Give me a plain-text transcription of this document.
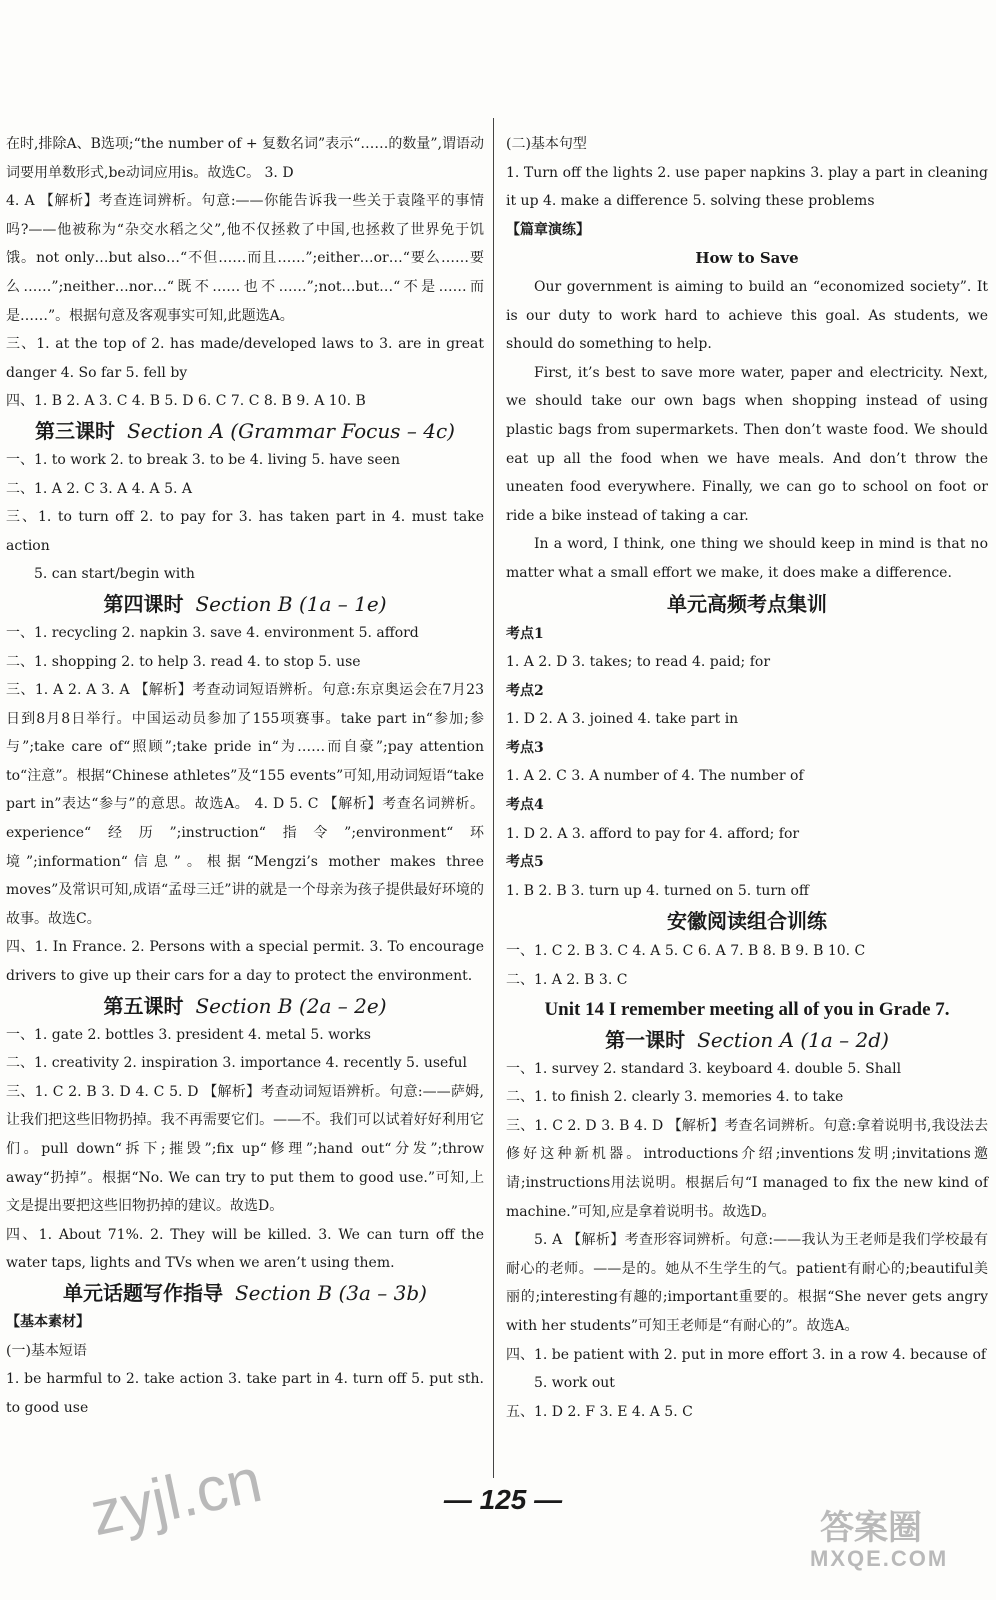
在时,排除A、B选项;“the number of + 复数名词”表示“……的数量”,谓语动词要用单数形式,be动词应用is。故选C。 3. D

4. A 【解析】考查连词辨析。句意:——你能告诉我一些关于袁隆平的事情吗?——他被称为“杂交水稻之父”,他不仅拯救了中国,也拯救了世界免于饥饿。not only…but also…“不但……而且……”;either…or…“要么……要么……”;neither…nor…“既不……也不……”;not…but…“不是……而是……”。根据句意及客观事实可知,此题选A。

三、1. at the top of 2. has made/developed laws to 3. are in great danger 4. So far 5. fell by

四、1. B 2. A 3. C 4. B 5. D 6. C 7. C 8. B 9. A 10. B

第三课时 Section A (Grammar Focus – 4c)

一、1. to work 2. to break 3. to be 4. living 5. have seen

二、1. A 2. C 3. A 4. A 5. A

三、1. to turn off 2. to pay for 3. has taken part in 4. must take action

5. can start/begin with

第四课时 Section B (1a – 1e)

一、1. recycling 2. napkin 3. save 4. environment 5. afford

二、1. shopping 2. to help 3. read 4. to stop 5. use

三、1. A 2. A 3. A 【解析】考查动词短语辨析。句意:东京奥运会在7月23日到8月8日举行。中国运动员参加了155项赛事。take part in“参加;参与”;take care of“照顾”;take pride in“为……而自豪”;pay attention to“注意”。根据“Chinese athletes”及“155 events”可知,用动词短语“take part in”表达“参与”的意思。故选A。 4. D 5. C 【解析】考查名词辨析。experience“经历”;instruction“指令”;environment“环境”;information“信息”。根据“Mengzi’s mother makes three moves”及常识可知,成语“孟母三迁”讲的就是一个母亲为孩子提供最好环境的故事。故选C。

四、1. In France. 2. Persons with a special permit. 3. To encourage drivers to give up their cars for a day to protect the environment.

第五课时 Section B (2a – 2e)

一、1. gate 2. bottles 3. president 4. metal 5. works

二、1. creativity 2. inspiration 3. importance 4. recently 5. useful

三、1. C 2. B 3. D 4. C 5. D 【解析】考查动词短语辨析。句意:——萨姆,让我们把这些旧物扔掉。我不再需要它们。——不。我们可以试着好好利用它们。pull down“拆下;摧毁”;fix up“修理”;hand out“分发”;throw away“扔掉”。根据“No. We can try to put them to good use.”可知,上文是提出要把这些旧物扔掉的建议。故选D。

四、1. About 71%. 2. They will be killed. 3. We can turn off the water taps, lights and TVs when we aren’t using them.

单元话题写作指导 Section B (3a – 3b)

【基本素材】

(一)基本短语

1. be harmful to 2. take action 3. take part in 4. turn off 5. put sth. to good use

(二)基本句型

1. Turn off the lights 2. use paper napkins 3. play a part in cleaning it up 4. make a difference 5. solving these problems

【篇章演练】

How to Save

Our government is aiming to build an “economized society”. It is our duty to work hard to achieve this goal. As students, we should do something to help.

First, it’s best to save more water, paper and electricity. Next, we should take our own bags when shopping instead of using plastic bags from supermarkets. Then don’t waste food. We should eat up all the food when we have meals. And don’t throw the uneaten food everywhere. Finally, we can go to school on foot or ride a bike instead of taking a car.

In a word, I think, one thing we should keep in mind is that no matter what a small effort we make, it does make a difference.

单元高频考点集训

考点1

1. A 2. D 3. takes; to read 4. paid; for

考点2

1. D 2. A 3. joined 4. take part in

考点3

1. A 2. C 3. A number of 4. The number of

考点4

1. D 2. A 3. afford to pay for 4. afford; for

考点5

1. B 2. B 3. turn up 4. turned on 5. turn off

安徽阅读组合训练

一、1. C 2. B 3. C 4. A 5. C 6. A 7. B 8. B 9. B 10. C

二、1. A 2. B 3. C

Unit 14 I remember meeting all of you in Grade 7.
第一课时 Section A (1a – 2d)

一、1. survey 2. standard 3. keyboard 4. double 5. Shall

二、1. to finish 2. clearly 3. memories 4. to take

三、1. C 2. D 3. B 4. D 【解析】考查名词辨析。句意:拿着说明书,我设法去修好这种新机器。introductions介绍;inventions发明;invitations邀请;instructions用法说明。根据后句“I managed to fix the new kind of machine.”可知,应是拿着说明书。故选D。

5. A 【解析】考查形容词辨析。句意:——我认为王老师是我们学校最有耐心的老师。——是的。她从不生学生的气。patient有耐心的;beautiful美丽的;interesting有趣的;important重要的。根据“She never gets angry with her students”可知王老师是“有耐心的”。故选A。

四、1. be patient with 2. put in more effort 3. in a row 4. because of

5. work out

五、1. D 2. F 3. E 4. A 5. C

— 125 —
zyjl.cn	答案圈
MXQE.COM
